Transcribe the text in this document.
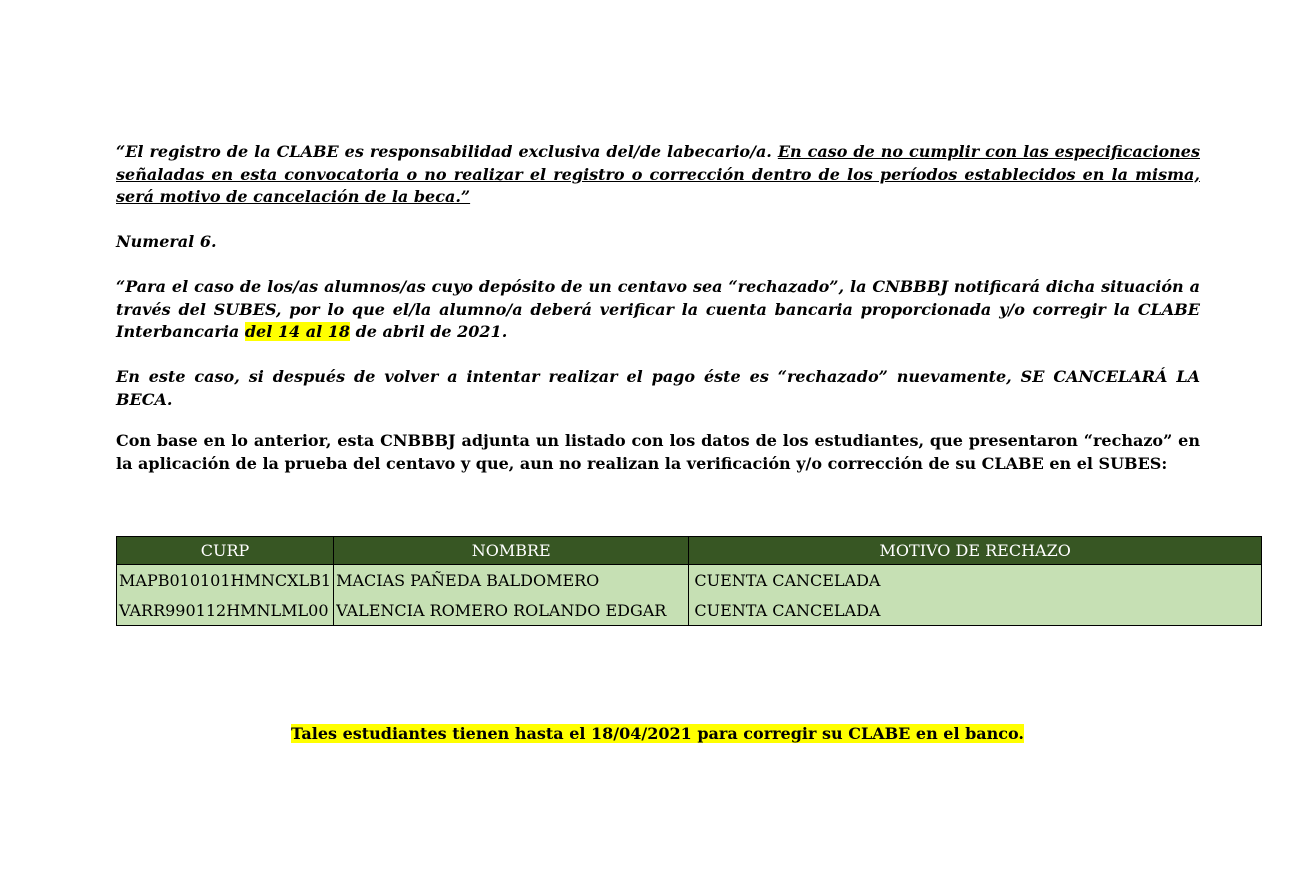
“El registro de la CLABE es responsabilidad exclusiva del/de labecario/a. En caso de no cumplir con las especificaciones señaladas en esta convocatoria o no realizar el registro o corrección dentro de los períodos establecidos en la misma, será motivo de cancelación de la beca.”

Numeral 6.

“Para el caso de los/as alumnos/as cuyo depósito de un centavo sea “rechazado”, la CNBBBJ notificará dicha situación a través del SUBES, por lo que el/la alumno/a deberá verificar la cuenta bancaria proporcionada y/o corregir la CLABE Interbancaria del 14 al 18 de abril de 2021.

En este caso, si después de volver a intentar realizar el pago éste es “rechazado” nuevamente, SE CANCELARÁ LA BECA.

Con base en lo anterior, esta CNBBBJ adjunta un listado con los datos de los estudiantes, que presentaron “rechazo” en la aplicación de la prueba del centavo y que, aun no realizan la verificación y/o corrección de su CLABE en el SUBES:

CURP	NOMBRE	MOTIVO DE RECHAZO
MAPB010101HMNCXLB1	MACIAS PAÑEDA BALDOMERO	CUENTA CANCELADA
VARR990112HMNLML00	VALENCIA ROMERO ROLANDO EDGAR	CUENTA CANCELADA
Tales estudiantes tienen hasta el 18/04/2021 para corregir su CLABE en el banco.
